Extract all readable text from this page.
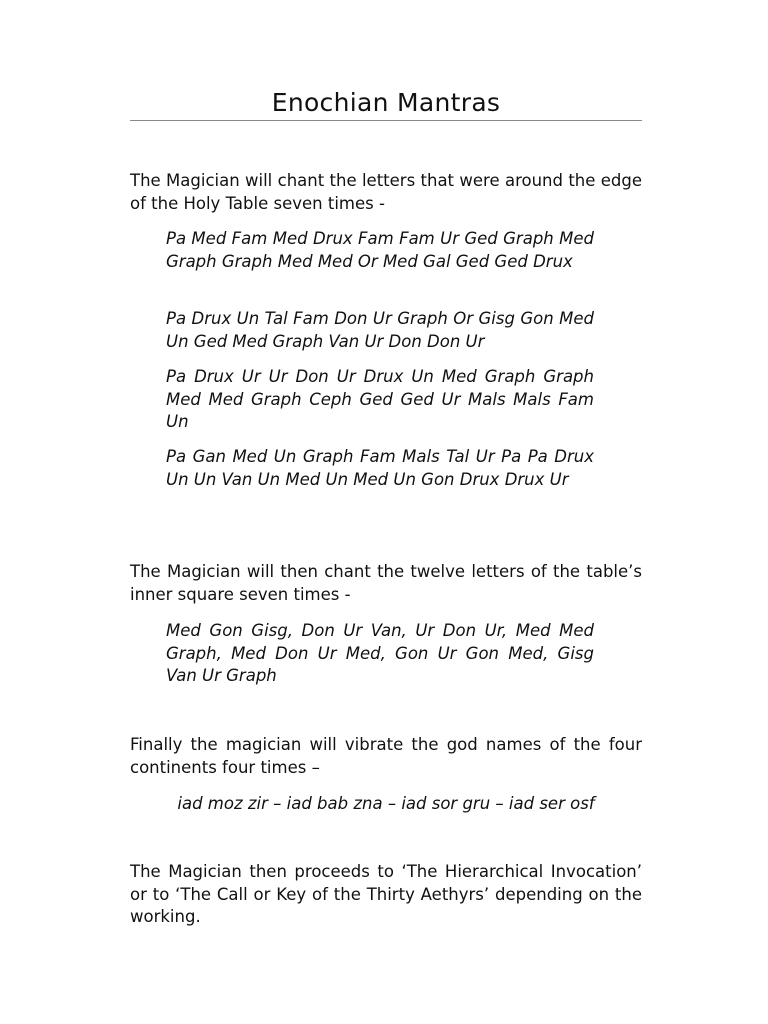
Enochian Mantras

The Magician will chant the letters that were around the edge of the Holy Table seven times -

Pa Med Fam Med Drux Fam Fam Ur Ged Graph Med Graph Graph Med Med Or Med Gal Ged Ged Drux

Pa Drux Un Tal Fam Don Ur Graph Or Gisg Gon Med Un Ged Med Graph Van Ur Don Don Ur

Pa Drux Ur Ur Don Ur Drux Un Med Graph Graph Med Med Graph Ceph Ged Ged Ur Mals Mals Fam Un

Pa Gan Med Un Graph Fam Mals Tal Ur Pa Pa Drux Un Un Van Un Med Un Med Un Gon Drux Drux Ur

The Magician will then chant the twelve letters of the table’s inner square seven times -

Med Gon Gisg, Don Ur Van, Ur Don Ur, Med Med Graph, Med Don Ur Med, Gon Ur Gon Med, Gisg Van Ur Graph

Finally the magician will vibrate the god names of the four continents four times –

iad moz zir – iad bab zna – iad sor gru – iad ser osf

The Magician then proceeds to ‘The Hierarchical Invocation’ or to ‘The Call or Key of the Thirty Aethyrs’ depending on the working.
